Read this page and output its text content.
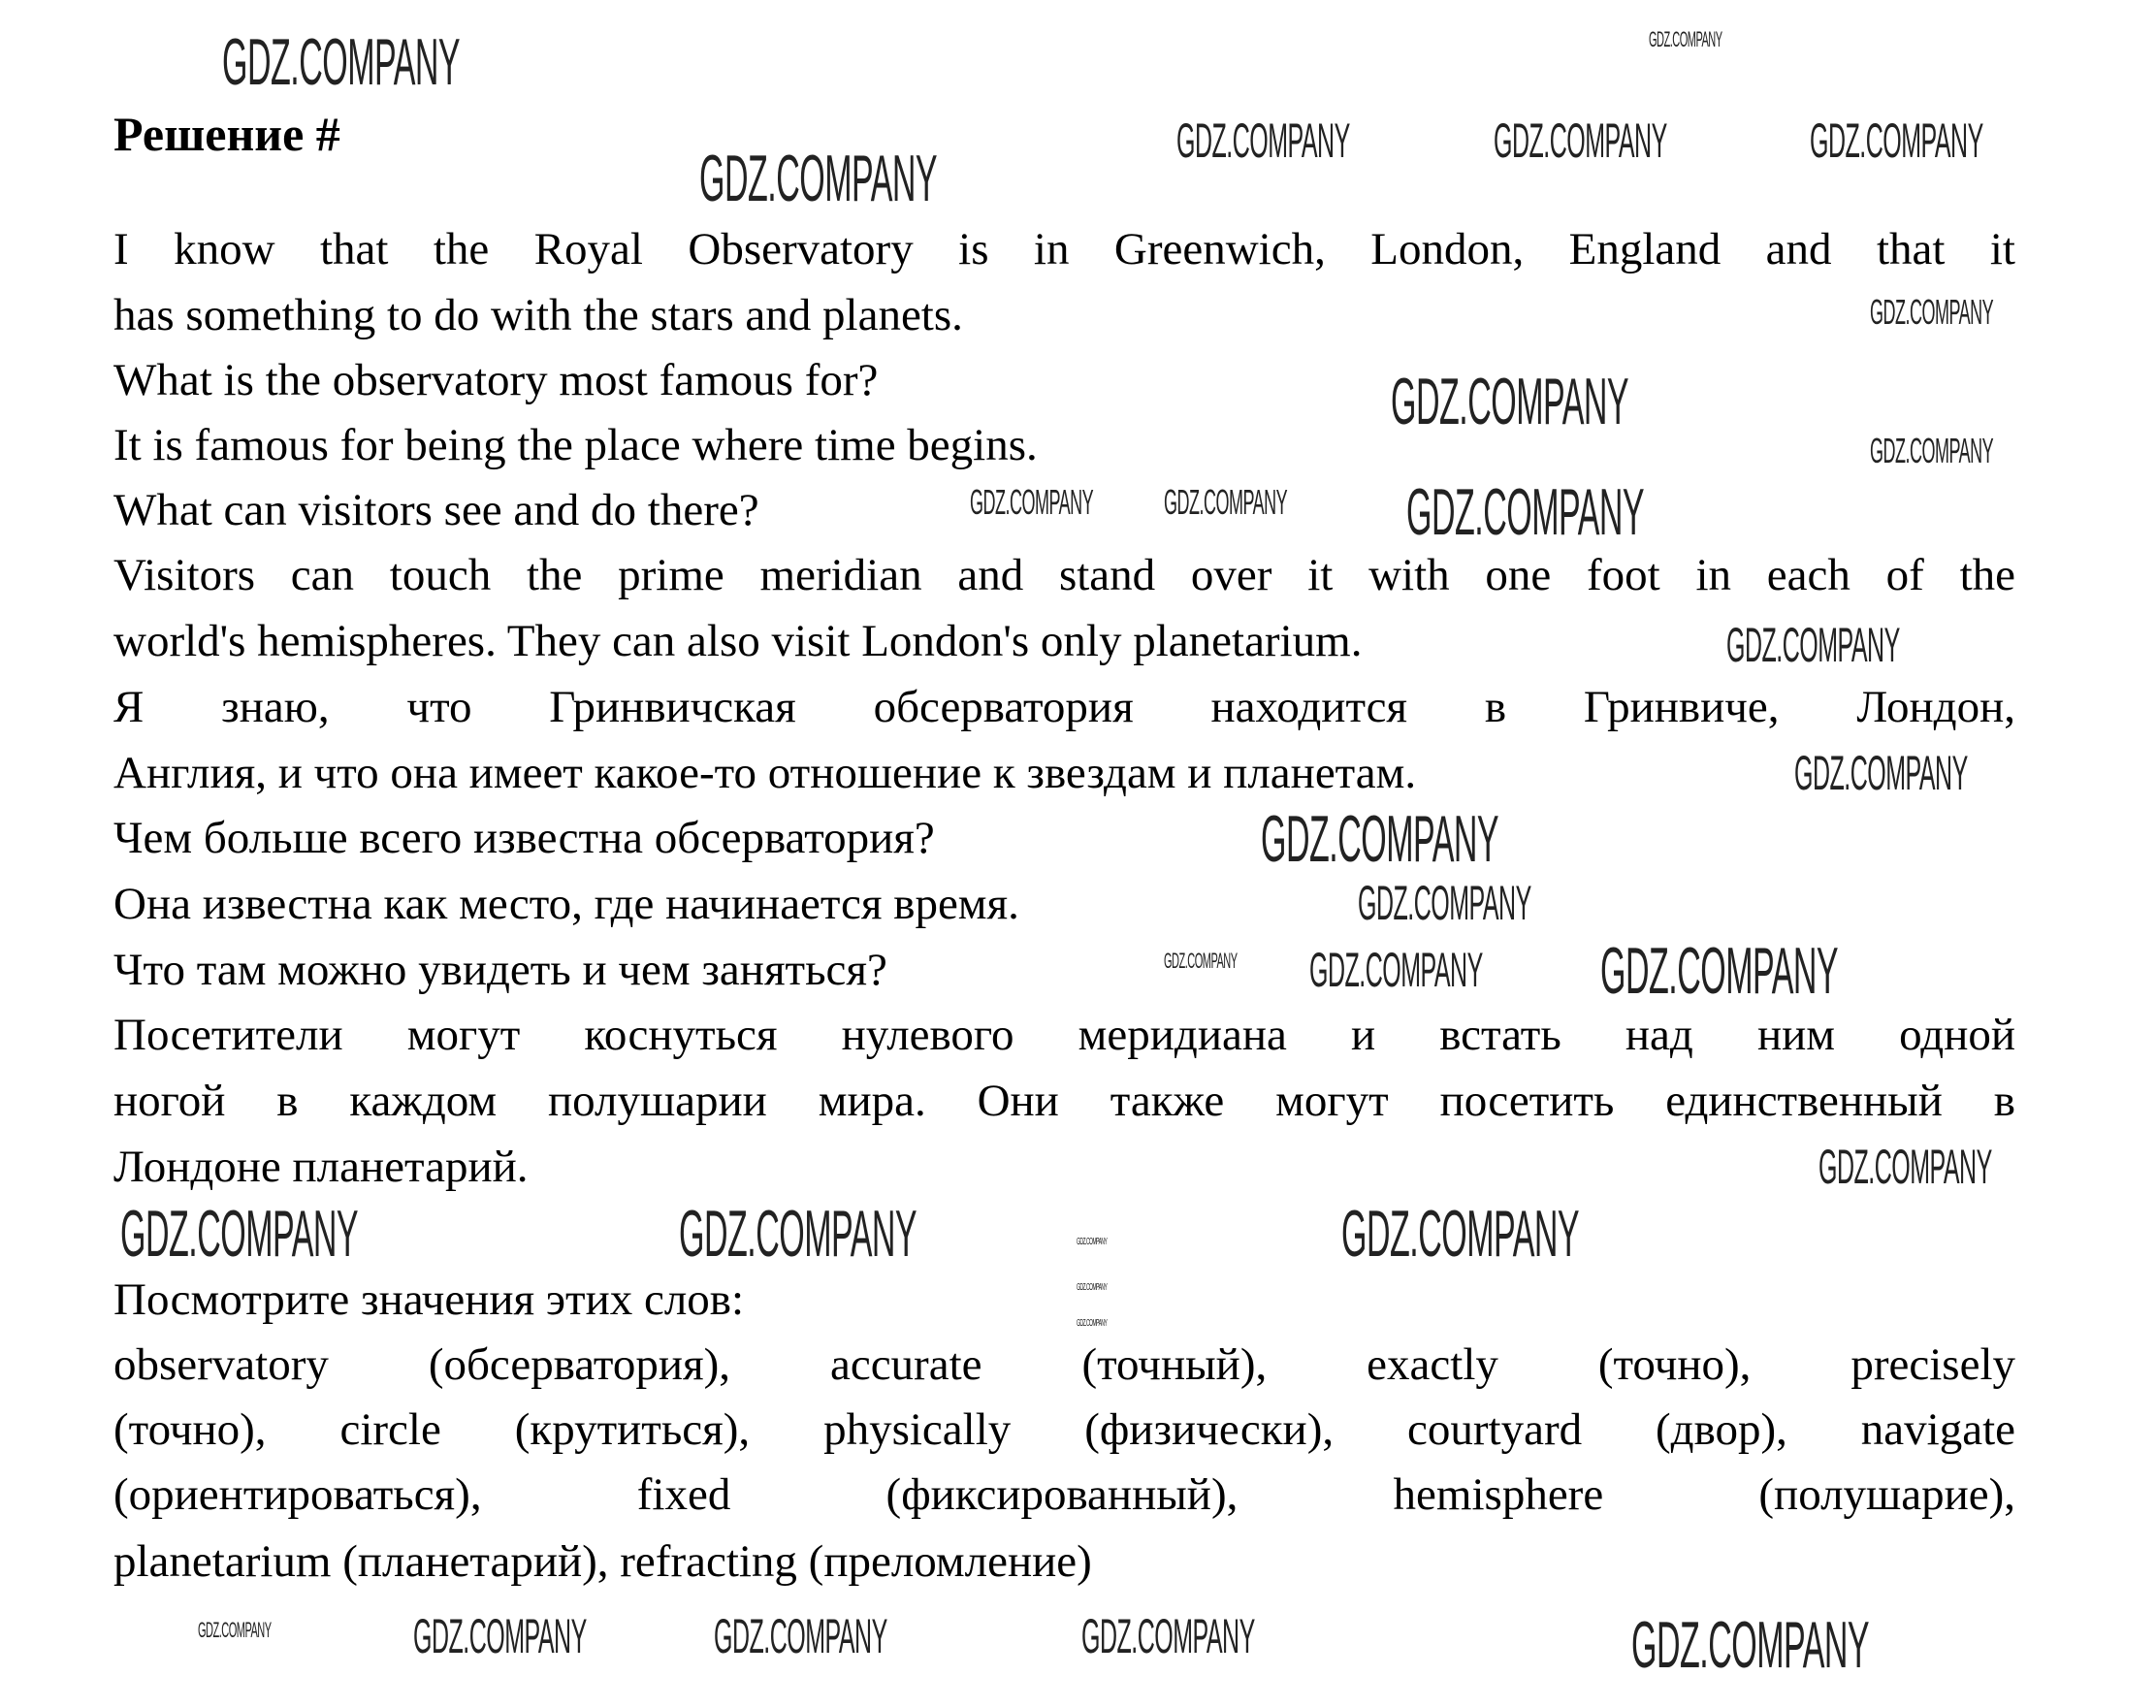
Решение #
I know that the Royal Observatory is in Greenwich, London, England and that it
has something to do with the stars and planets.
What is the observatory most famous for?
It is famous for being the place where time begins.
What can visitors see and do there?
Visitors can touch the prime meridian and stand over it with one foot in each of the
world's hemispheres. They can also visit London's only planetarium.
Я знаю, что Гринвичская обсерватория находится в Гринвиче, Лондон,
Англия, и что она имеет какое-то отношение к звездам и планетам.
Чем больше всего известна обсерватория?
Она известна как место, где начинается время.
Что там можно увидеть и чем заняться?
Посетители могут коснуться нулевого меридиана и встать над ним одной
ногой в каждом полушарии мира. Они также могут посетить единственный в
Лондоне планетарий.
Посмотрите значения этих слов:
observatory (обсерватория), accurate (точный), exactly (точно), precisely
(точно), circle (крутиться), physically (физически), courtyard (двор), navigate
(ориентироваться), fixed (фиксированный), hemisphere (полушарие),
planetarium (планетарий), refracting (преломление)
GDZ.COMPANY	GDZ.COMPANY	GDZ.COMPANY
GDZ.COMPANY
GDZ.COMPANY
GDZ.COMPANY
GDZ.COMPANY
GDZ.COMPANY
GDZ.COMPANY
GDZ.COMPANY GDZ.COMPANY GDZ.COMPANY
GDZ.COMPANY
GDZ.COMPANY
GDZ.COMPANY
GDZ.COMPANY
GDZ.COMPANY GDZ.COMPANY GDZ.COMPANY
GDZ.COMPANY
GDZ.COMPANY
GDZ.COMPANY	GDZ.COMPANY
GDZ.COMPANY
GDZ.COMPANY
GDZ.COMPANY
GDZ.COMPANY	GDZ.COMPANY	GDZ.COMPANY	GDZ.COMPANY	GDZ.COMPANY
